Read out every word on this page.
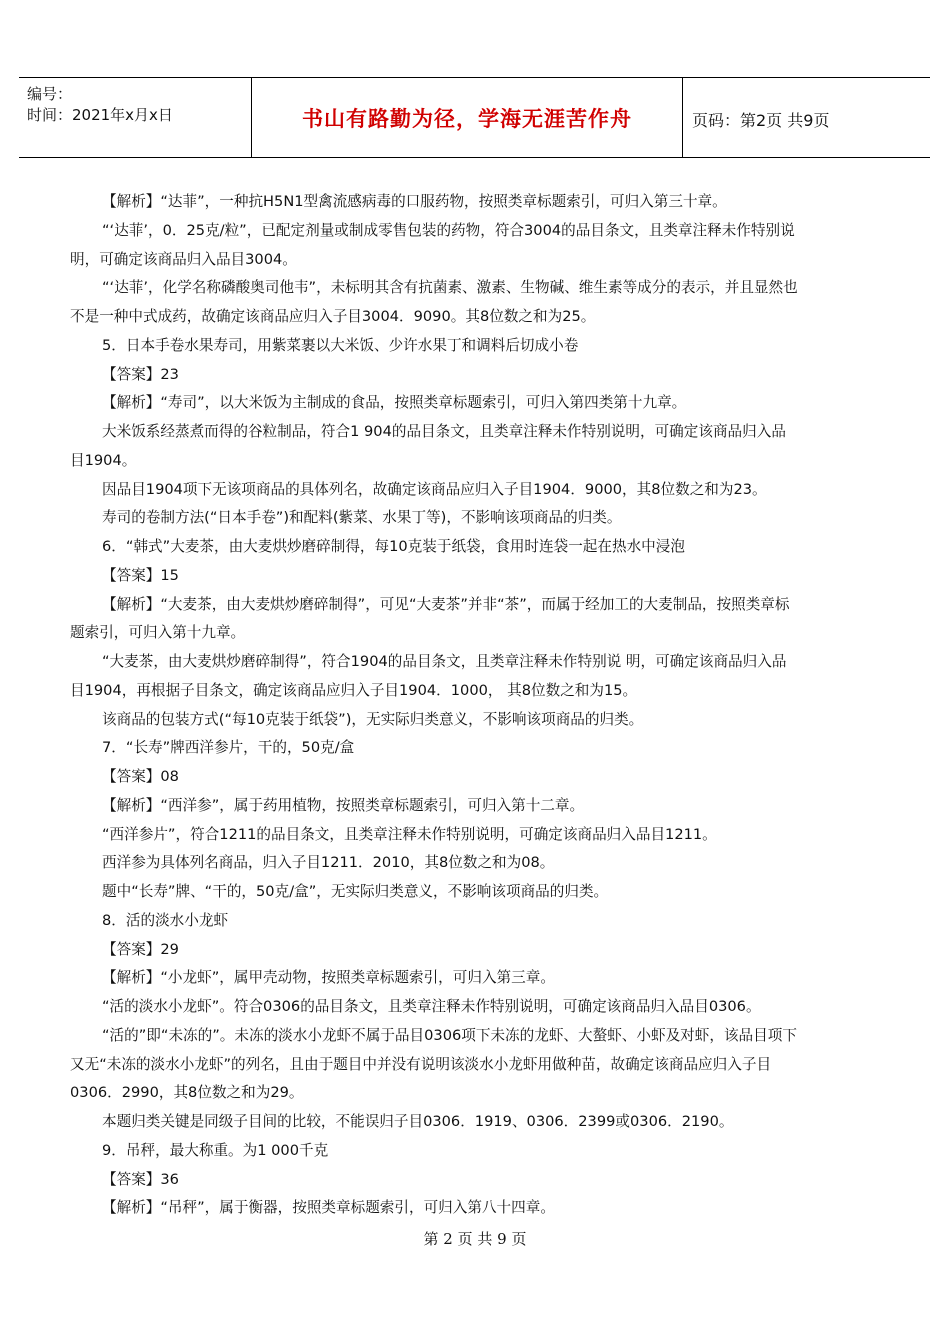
编号：
时间：2021年x月x日	书山有路勤为径，学海无涯苦作舟	页码：第2页 共9页
【解析】“达菲”，一种抗H5N1型禽流感病毒的口服药物，按照类章标题索引，可归入第三十章。
“‘达菲’，0．25克/粒”，已配定剂量或制成零售包装的药物，符合3004的品目条文，且类章注释未作特别说
明，可确定该商品归入品目3004。
“‘达菲’，化学名称磷酸奥司他韦”，未标明其含有抗菌素、激素、生物碱、维生素等成分的表示，并且显然也
不是一种中式成药，故确定该商品应归入子目3004．9090。其8位数之和为25。
5．日本手卷水果寿司，用紫菜裹以大米饭、少许水果丁和调料后切成小卷
【答案】23
【解析】“寿司”，以大米饭为主制成的食品，按照类章标题索引，可归入第四类第十九章。
大米饭系经蒸煮而得的谷粒制品，符合1 904的品目条文，且类章注释未作特别说明，可确定该商品归入品
目1904。
因品目1904项下无该项商品的具体列名，故确定该商品应归入子目1904．9000，其8位数之和为23。
寿司的卷制方法(“日本手卷”)和配料(紫菜、水果丁等)，不影响该项商品的归类。
6．“韩式”大麦茶，由大麦烘炒磨碎制得，每10克装于纸袋，食用时连袋一起在热水中浸泡
【答案】15
【解析】“大麦茶，由大麦烘炒磨碎制得”，可见“大麦茶”并非“茶”，而属于经加工的大麦制品，按照类章标
题索引，可归入第十九章。
“大麦茶，由大麦烘炒磨碎制得”，符合1904的品目条文，且类章注释未作特别说 明，可确定该商品归入品
目1904，再根据子目条文，确定该商品应归入子目1904．1000， 其8位数之和为15。
该商品的包装方式(“每10克装于纸袋”)，无实际归类意义，不影响该项商品的归类。
7．“长寿”牌西洋参片，干的，50克/盒
【答案】08
【解析】“西洋参”，属于药用植物，按照类章标题索引，可归入第十二章。
“西洋参片”，符合1211的品目条文，且类章注释未作特别说明，可确定该商品归入品目1211。
西洋参为具体列名商品，归入子目1211．2010，其8位数之和为08。
题中“长寿”牌、“干的，50克/盒”，无实际归类意义，不影响该项商品的归类。
8．活的淡水小龙虾
【答案】29
【解析】“小龙虾”，属甲壳动物，按照类章标题索引，可归入第三章。
“活的淡水小龙虾”。符合0306的品目条文，且类章注释未作特别说明，可确定该商品归入品目0306。
“活的”即“未冻的”。未冻的淡水小龙虾不属于品目0306项下未冻的龙虾、大螯虾、小虾及对虾，该品目项下
又无“未冻的淡水小龙虾”的列名，且由于题目中并没有说明该淡水小龙虾用做种苗，故确定该商品应归入子目
0306．2990，其8位数之和为29。
本题归类关键是同级子目间的比较，不能误归子目0306．1919、0306．2399或0306．2190。
9．吊秤，最大称重。为1 000千克
【答案】36
【解析】“吊秤”，属于衡器，按照类章标题索引，可归入第八十四章。
第 2 页 共 9 页
